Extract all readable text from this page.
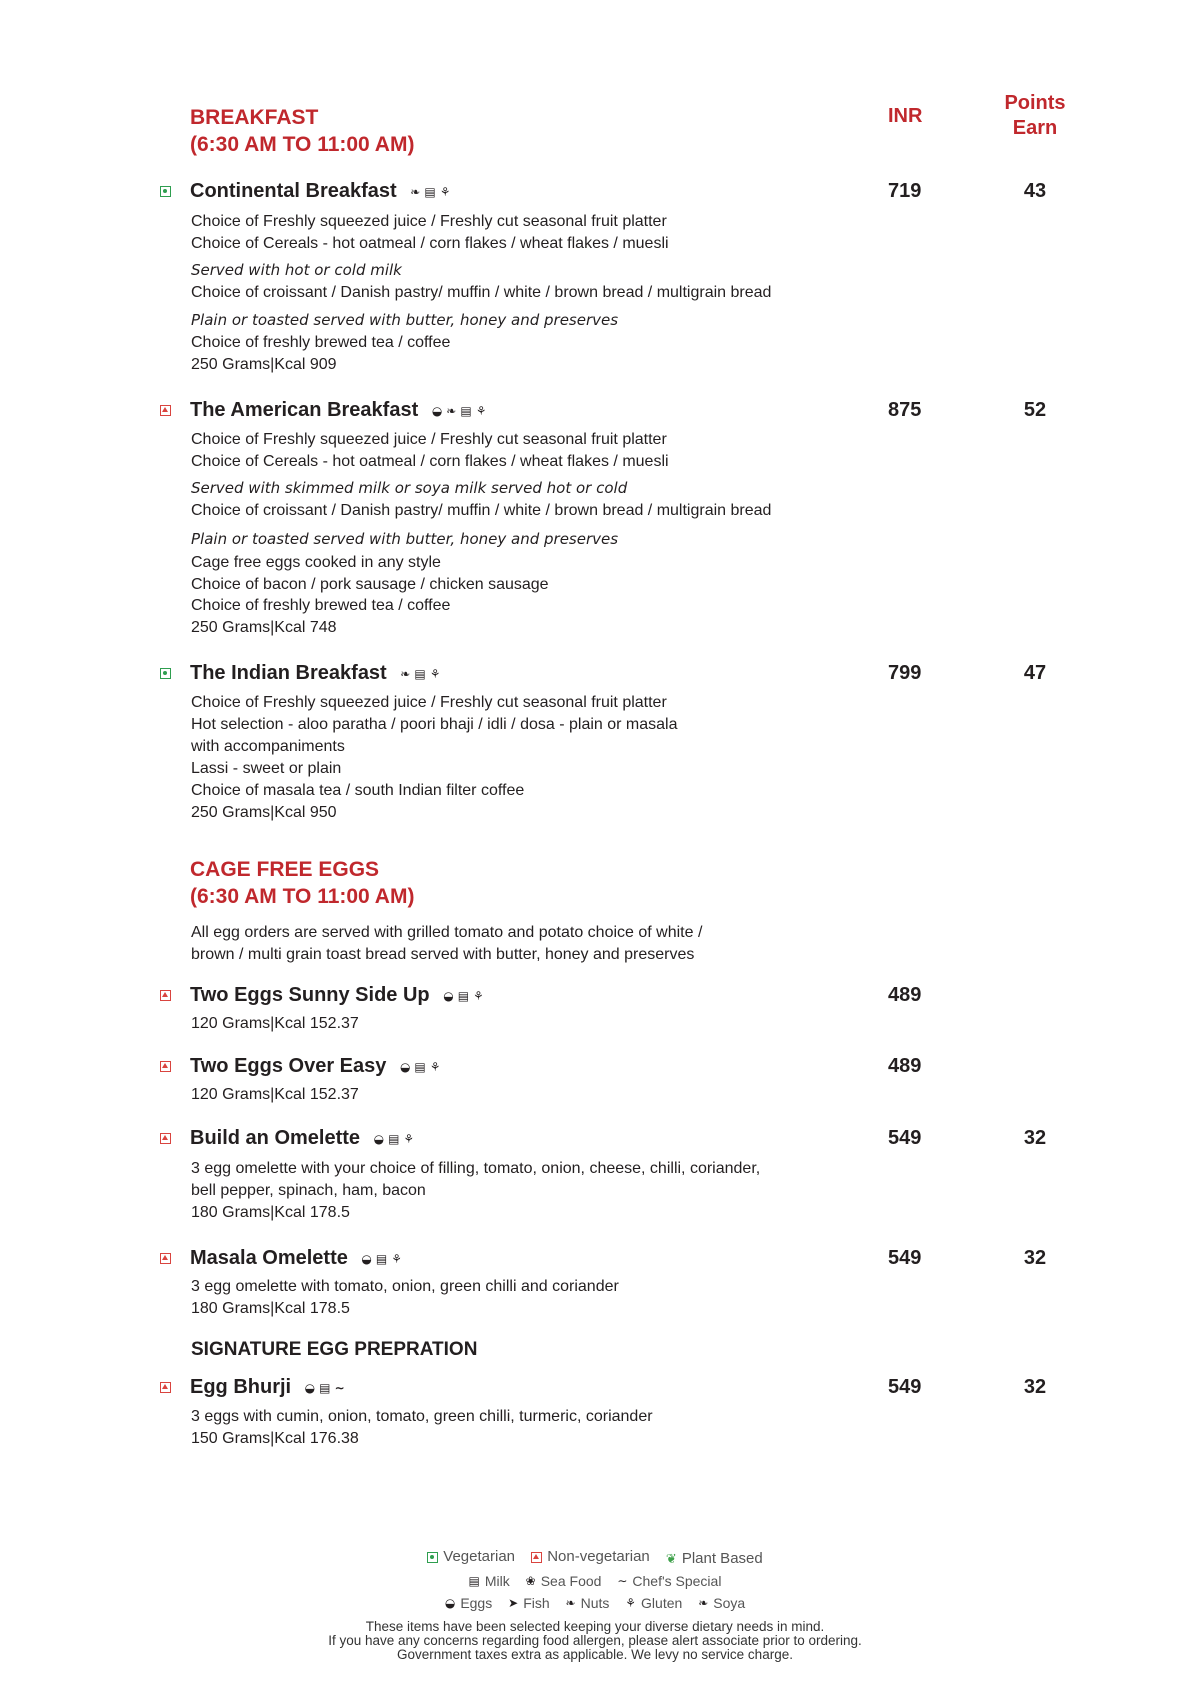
BREAKFAST
(6:30 AM TO 11:00 AM)
INR
Points
Earn
Continental Breakfast ❧ ▤ ⚘	719	43
Choice of Freshly squeezed juice / Freshly cut seasonal fruit platter
Choice of Cereals - hot oatmeal / corn flakes / wheat flakes / muesli
Served with hot or cold milk
Choice of croissant / Danish pastry/ muffin / white / brown bread / multigrain bread
Plain or toasted served with butter, honey and preserves
Choice of freshly brewed tea / coffee
250 Grams|Kcal 909
The American Breakfast ◒ ❧ ▤ ⚘	875	52
Choice of Freshly squeezed juice / Freshly cut seasonal fruit platter
Choice of Cereals - hot oatmeal / corn flakes / wheat flakes / muesli
Served with skimmed milk or soya milk served hot or cold
Choice of croissant / Danish pastry/ muffin / white / brown bread / multigrain bread
Plain or toasted served with butter, honey and preserves
Cage free eggs cooked in any style
Choice of bacon / pork sausage / chicken sausage
Choice of freshly brewed tea / coffee
250 Grams|Kcal 748
The Indian Breakfast ❧ ▤ ⚘	799	47
Choice of Freshly squeezed juice / Freshly cut seasonal fruit platter
Hot selection - aloo paratha / poori bhaji / idli / dosa - plain or masala
with accompaniments
Lassi - sweet or plain
Choice of masala tea / south Indian filter coffee
250 Grams|Kcal 950
CAGE FREE EGGS
(6:30 AM TO 11:00 AM)
All egg orders are served with grilled tomato and potato choice of white /
brown / multi grain toast bread served with butter, honey and preserves
Two Eggs Sunny Side Up ◒ ▤ ⚘	489
120 Grams|Kcal 152.37
Two Eggs Over Easy ◒ ▤ ⚘	489
120 Grams|Kcal 152.37
Build an Omelette ◒ ▤ ⚘	549	32
3 egg omelette with your choice of filling, tomato, onion, cheese, chilli, coriander,
bell pepper, spinach, ham, bacon
180 Grams|Kcal 178.5
Masala Omelette ◒ ▤ ⚘	549	32
3 egg omelette with tomato, onion, green chilli and coriander
180 Grams|Kcal 178.5
SIGNATURE EGG PREPRATION
Egg Bhurji ◒ ▤ ∼	549	32
3 eggs with cumin, onion, tomato, green chilli, turmeric, coriander
150 Grams|Kcal 176.38
Vegetarian
Non-vegetarian
❦ Plant Based
▤ Milk
❀ Sea Food
∼ Chef's Special
◒ Eggs
➤ Fish
❧ Nuts
⚘ Gluten
❧ Soya
These items have been selected keeping your diverse dietary needs in mind.
If you have any concerns regarding food allergen, please alert associate prior to ordering.
Government taxes extra as applicable. We levy no service charge.
